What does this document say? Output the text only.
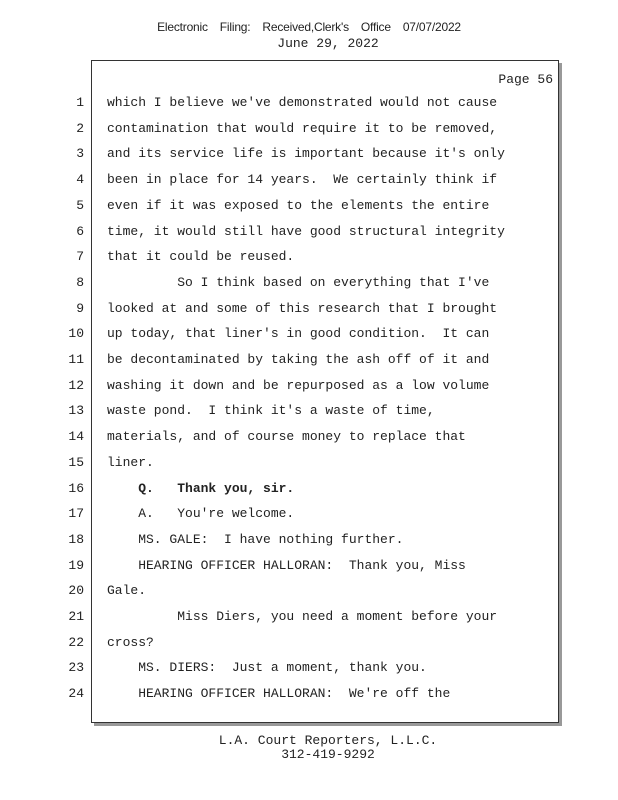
Electronic Filing: Received,Clerk's Office 07/07/2022
June 29, 2022
Page 56
1 which I believe we've demonstrated would not cause
2 contamination that would require it to be removed,
3 and its service life is important because it's only
4 been in place for 14 years.  We certainly think if
5 even if it was exposed to the elements the entire
6 time, it would still have good structural integrity
7 that it could be reused.
8 So I think based on everything that I've
9 looked at and some of this research that I brought
10 up today, that liner's in good condition.  It can
11 be decontaminated by taking the ash off of it and
12 washing it down and be repurposed as a low volume
13 waste pond.  I think it's a waste of time,
14 materials, and of course money to replace that
15 liner.
16 Q.   Thank you, sir.
17 A.   You're welcome.
18 MS. GALE:  I have nothing further.
19 HEARING OFFICER HALLORAN:  Thank you, Miss
20 Gale.
21 Miss Diers, you need a moment before your
22 cross?
23 MS. DIERS:  Just a moment, thank you.
24 HEARING OFFICER HALLORAN:  We're off the
L.A. Court Reporters, L.L.C.
312-419-9292
